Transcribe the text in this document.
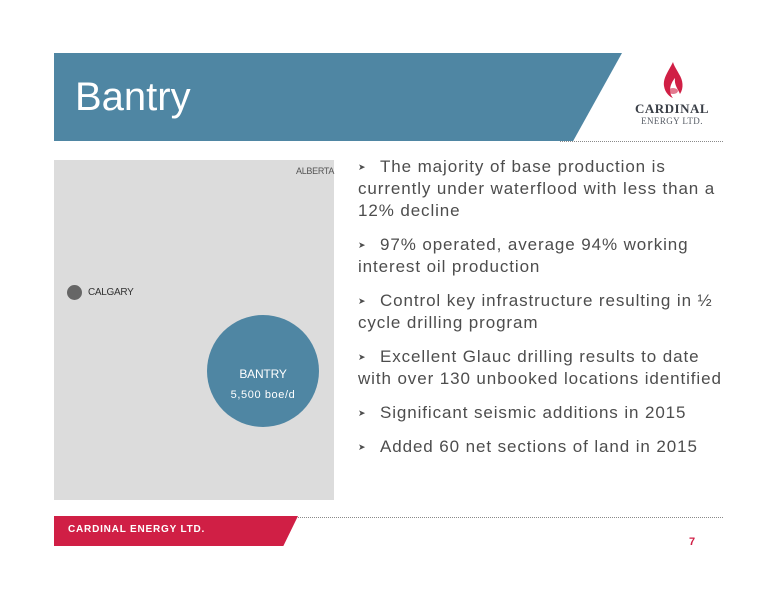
Bantry	CARDINAL
ENERGY LTD.
ALBERTA
CALGARY
BANTRY
5,500 boe/d
➤ The majority of base production is currently under waterflood with less than a 12% decline
➤ 97% operated, average 94% working interest oil production
➤ Control key infrastructure resulting in ½ cycle drilling program
➤ Excellent Glauc drilling results to date with over 130 unbooked locations identified
➤ Significant seismic additions in 2015
➤ Added 60 net sections of land in 2015
CARDINAL ENERGY LTD.
7
